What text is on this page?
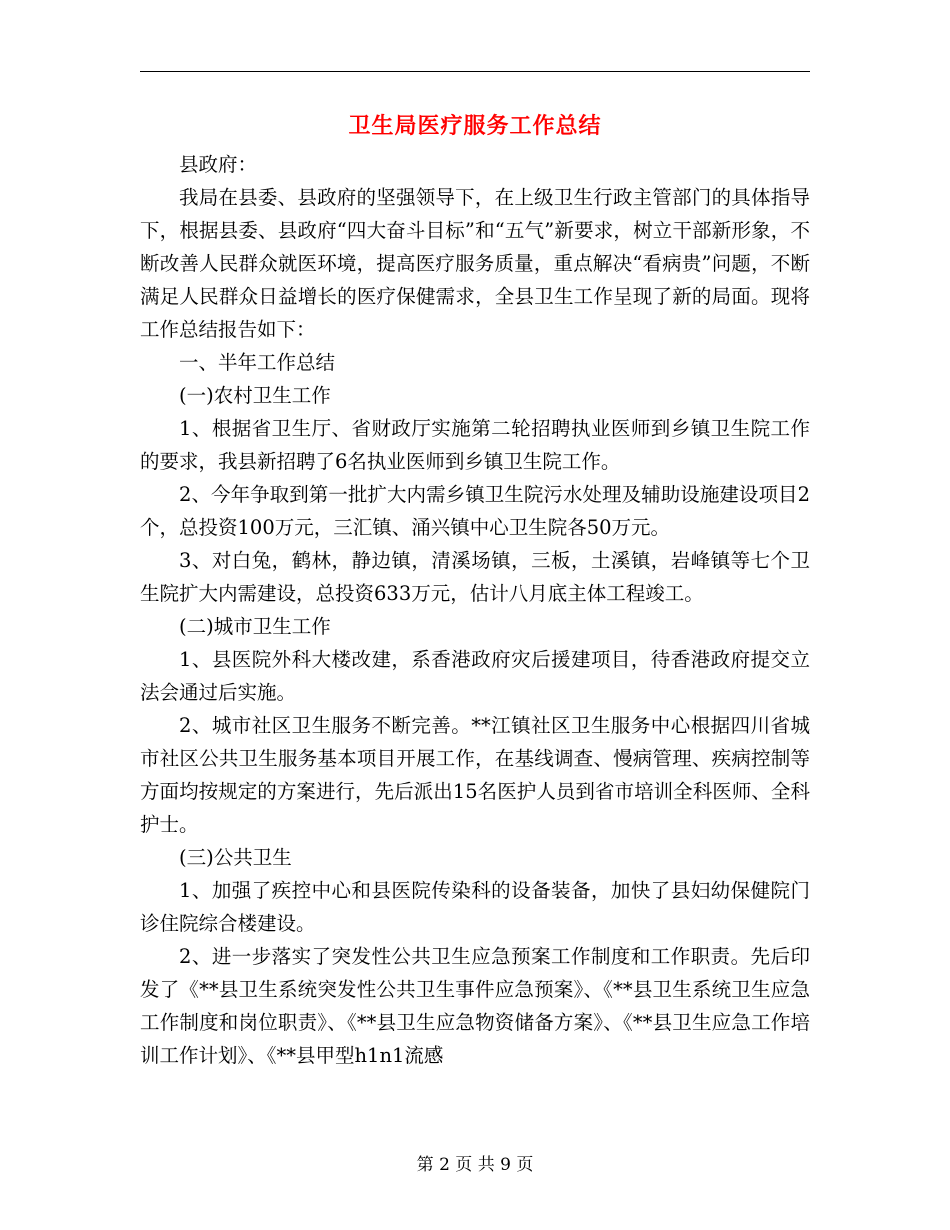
卫生局医疗服务工作总结

县政府：

我局在县委、县政府的坚强领导下，在上级卫生行政主管部门的具体指导下，根据县委、县政府“四大奋斗目标”和“五气”新要求，树立干部新形象，不断改善人民群众就医环境，提高医疗服务质量，重点解决“看病贵”问题，不断满足人民群众日益增长的医疗保健需求，全县卫生工作呈现了新的局面。现将工作总结报告如下：

一、半年工作总结

(一)农村卫生工作

1、根据省卫生厅、省财政厅实施第二轮招聘执业医师到乡镇卫生院工作的要求，我县新招聘了6名执业医师到乡镇卫生院工作。

2、今年争取到第一批扩大内需乡镇卫生院污水处理及辅助设施建设项目2个，总投资100万元，三汇镇、涌兴镇中心卫生院各50万元。

3、对白兔，鹤林，静边镇，清溪场镇，三板，土溪镇，岩峰镇等七个卫生院扩大内需建设，总投资633万元，估计八月底主体工程竣工。

(二)城市卫生工作

1、县医院外科大楼改建，系香港政府灾后援建项目，待香港政府提交立法会通过后实施。

2、城市社区卫生服务不断完善。**江镇社区卫生服务中心根据四川省城市社区公共卫生服务基本项目开展工作，在基线调查、慢病管理、疾病控制等方面均按规定的方案进行，先后派出15名医护人员到省市培训全科医师、全科护士。

(三)公共卫生

1、加强了疾控中心和县医院传染科的设备装备，加快了县妇幼保健院门诊住院综合楼建设。

2、进一步落实了突发性公共卫生应急预案工作制度和工作职责。先后印发了《**县卫生系统突发性公共卫生事件应急预案》、《**县卫生系统卫生应急工作制度和岗位职责》、《**县卫生应急物资储备方案》、《**县卫生应急工作培训工作计划》、《**县甲型h1n1流感

第 2 页 共 9 页
